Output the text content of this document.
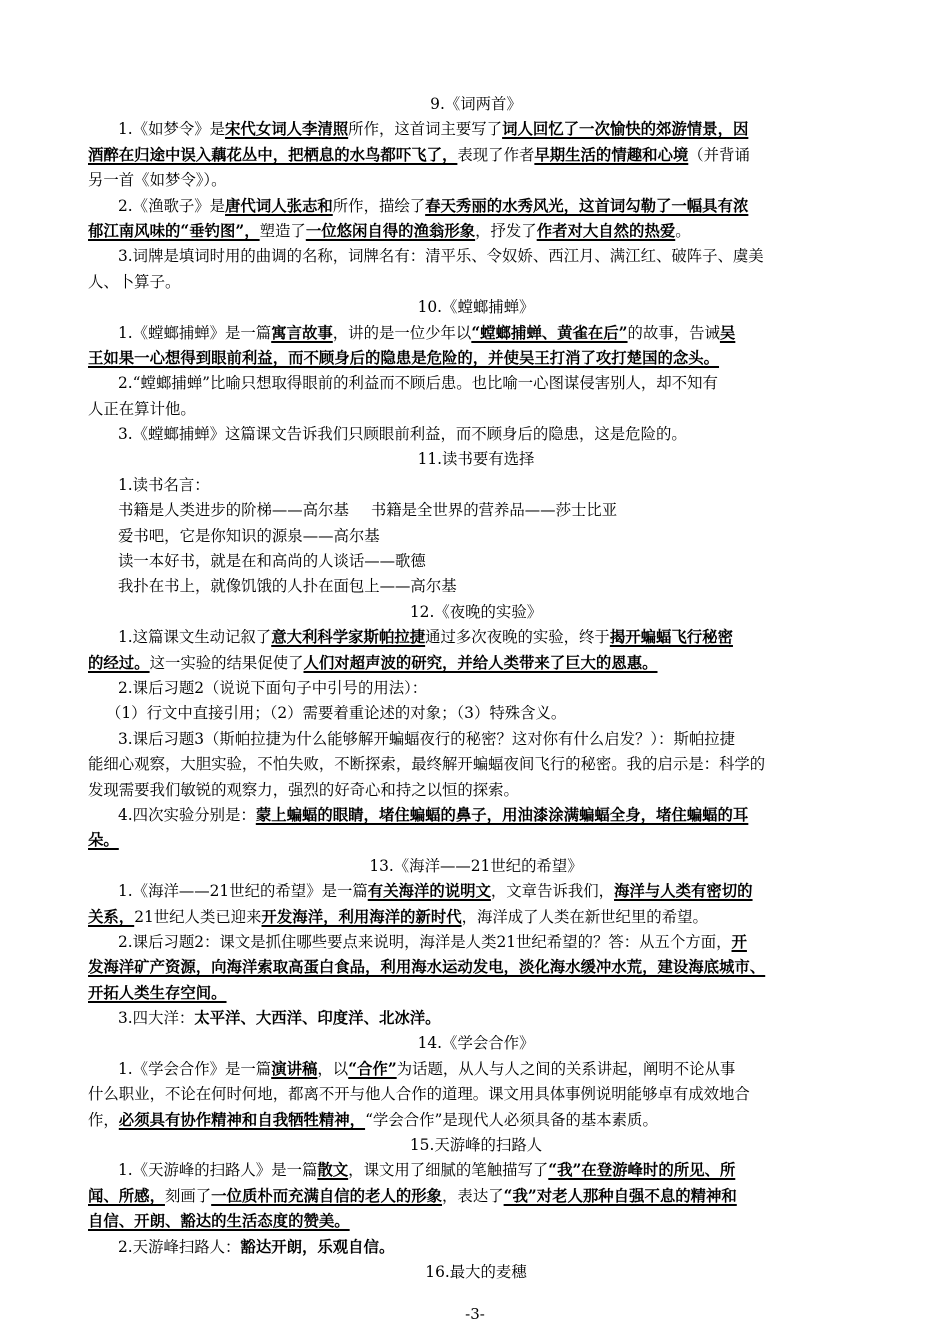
9.《词两首》
1.《如梦令》是宋代女词人李清照所作，这首词主要写了词人回忆了一次愉快的郊游情景，因
酒醉在归途中误入藕花丛中，把栖息的水鸟都吓飞了，表现了作者早期生活的情趣和心境（并背诵
另一首《如梦令》）。
2.《渔歌子》是唐代词人张志和所作，描绘了春天秀丽的水秀风光，这首词勾勒了一幅具有浓
郁江南风味的“垂钓图”，塑造了一位悠闲自得的渔翁形象，抒发了作者对大自然的热爱。
3.词牌是填词时用的曲调的名称，词牌名有：清平乐、令奴娇、西江月、满江红、破阵子、虞美
人、卜算子。
10.《螳螂捕蝉》
1.《螳螂捕蝉》是一篇寓言故事，讲的是一位少年以“螳螂捕蝉、黄雀在后”的故事，告诫吴
王如果一心想得到眼前利益，而不顾身后的隐患是危险的，并使吴王打消了攻打楚国的念头。
2.“螳螂捕蝉”比喻只想取得眼前的利益而不顾后患。也比喻一心图谋侵害别人，却不知有
人正在算计他。
3.《螳螂捕蝉》这篇课文告诉我们只顾眼前利益，而不顾身后的隐患，这是危险的。
11.读书要有选择
1.读书名言：
书籍是人类进步的阶梯——高尔基 书籍是全世界的营养品——莎士比亚
爱书吧，它是你知识的源泉——高尔基
读一本好书，就是在和高尚的人谈话——歌德
我扑在书上，就像饥饿的人扑在面包上——高尔基
12.《夜晚的实验》
1.这篇课文生动记叙了意大利科学家斯帕拉捷通过多次夜晚的实验，终于揭开蝙蝠飞行秘密
的经过。这一实验的结果促使了人们对超声波的研究，并给人类带来了巨大的恩惠。
2.课后习题2（说说下面句子中引号的用法）：
（1）行文中直接引用；（2）需要着重论述的对象；（3）特殊含义。
3.课后习题3（斯帕拉捷为什么能够解开蝙蝠夜行的秘密？这对你有什么启发？）：斯帕拉捷
能细心观察，大胆实验，不怕失败，不断探索，最终解开蝙蝠夜间飞行的秘密。我的启示是：科学的
发现需要我们敏锐的观察力，强烈的好奇心和持之以恒的探索。
4.四次实验分别是：蒙上蝙蝠的眼睛，堵住蝙蝠的鼻子，用油漆涂满蝙蝠全身，堵住蝙蝠的耳
朵。
13.《海洋——21世纪的希望》
1.《海洋——21世纪的希望》是一篇有关海洋的说明文，文章告诉我们，海洋与人类有密切的
关系，21世纪人类已迎来开发海洋，利用海洋的新时代，海洋成了人类在新世纪里的希望。
2.课后习题2：课文是抓住哪些要点来说明，海洋是人类21世纪希望的？答：从五个方面，开
发海洋矿产资源，向海洋索取高蛋白食品，利用海水运动发电，淡化海水缓冲水荒，建设海底城市、
开拓人类生存空间。
3.四大洋：太平洋、大西洋、印度洋、北冰洋。
14.《学会合作》
1.《学会合作》是一篇演讲稿，以“合作”为话题，从人与人之间的关系讲起，阐明不论从事
什么职业，不论在何时何地，都离不开与他人合作的道理。课文用具体事例说明能够卓有成效地合
作，必须具有协作精神和自我牺牲精神，“学会合作”是现代人必须具备的基本素质。
15.天游峰的扫路人
1.《天游峰的扫路人》是一篇散文，课文用了细腻的笔触描写了“我”在登游峰时的所见、所
闻、所感，刻画了一位质朴而充满自信的老人的形象，表达了“我”对老人那种自强不息的精神和
自信、开朗、豁达的生活态度的赞美。
2.天游峰扫路人：豁达开朗，乐观自信。
16.最大的麦穗
-3-
